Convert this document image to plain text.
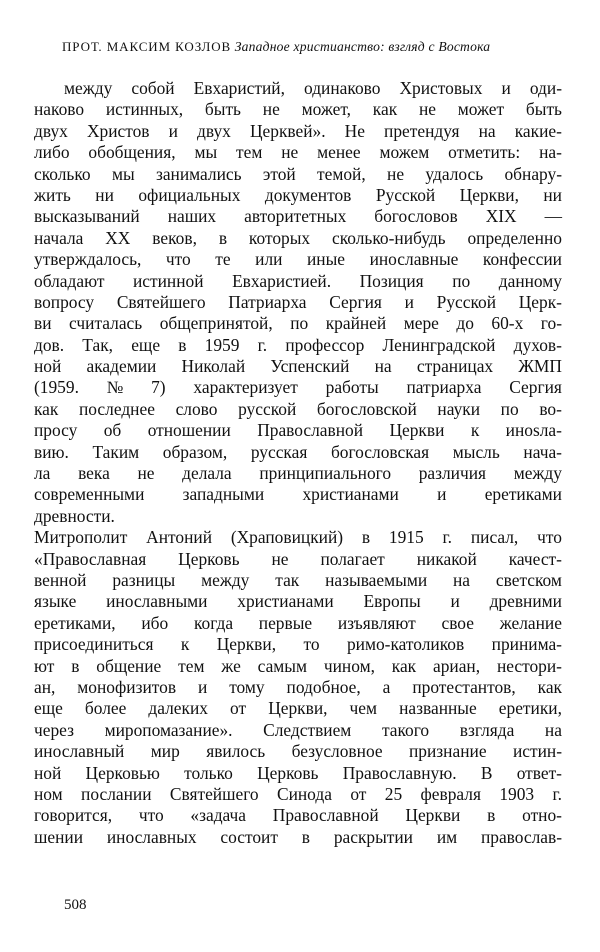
ПРОТ. МАКСИМ КОЗЛОВ Западное христианство: взгляд с Востока
между собой Евхаристий, одинаково Христовых и оди-
наково истинных, быть не может, как не может быть
двух Христов и двух Церквей». Не претендуя на какие-
либо обобщения, мы тем не менее можем отметить: на-
сколько мы занимались этой темой, не удалось обнару-
жить ни официальных документов Русской Церкви, ни
высказываний наших авторитетных богословов XIX —
начала XX веков, в которых сколько-нибудь определенно
утверждалось, что те или иные инославные конфессии
обладают истинной Евхаристией. Позиция по данному
вопросу Святейшего Патриарха Сергия и Русской Церк-
ви считалась общепринятой, по крайней мере до 60-х го-
дов. Так, еще в 1959 г. профессор Ленинградской духов-
ной академии Николай Успенский на страницах ЖМП
(1959. № 7) характеризует работы патриарха Сергия
как последнее слово русской богословской науки по во-
просу об отношении Православной Церкви к инosла-
вию. Таким образом, русская богословская мысль нача-
ла века не делала принципиального различия между
современными западными христианами и еретиками
древности.
Митрополит Антоний (Храповицкий) в 1915 г. писал, что
«Православная Церковь не полагает никакой качест-
венной разницы между так называемыми на светском
языке инославными христианами Европы и древними
еретиками, ибо когда первые изъявляют свое желание
присоединиться к Церкви, то римо-католиков принима-
ют в общение тем же самым чином, как ариан, нестори-
ан, монофизитов и тому подобное, а протестантов, как
еще более далеких от Церкви, чем названные еретики,
через миропомазание». Следствием такого взгляда на
инославный мир явилось безусловное признание истин-
ной Церковью только Церковь Православную. В ответ-
ном послании Святейшего Синода от 25 февраля 1903 г.
говорится, что «задача Православной Церкви в отно-
шении инославных состоит в раскрытии им православ-
508
